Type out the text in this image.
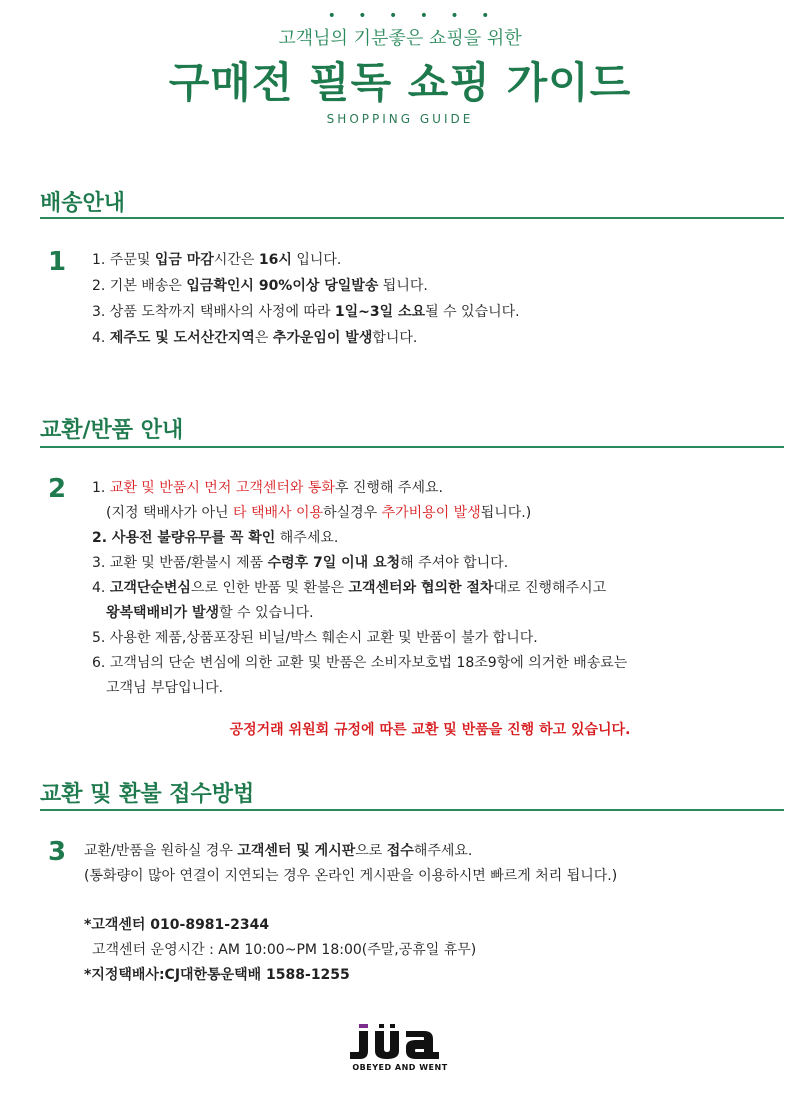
• • • • • •
고객님의 기분좋은 쇼핑을 위한
구매전 필독 쇼핑 가이드
SHOPPING GUIDE
배송안내
1 1. 주문및 입금 마감시간은 16시 입니다.
2. 기본 배송은 입금확인시 90%이상 당일발송 됩니다.
3. 상품 도착까지 택배사의 사정에 따라 1일~3일 소요될 수 있습니다.
4. 제주도 및 도서산간지역은 추가운임이 발생합니다.
교환/반품 안내
2 1. 교환 및 반품시 먼저 고객센터와 통화후 진행해 주세요.
(지정 택배사가 아닌 타 택배사 이용하실경우 추가비용이 발생됩니다.)
2. 사용전 불량유무를 꼭 확인 해주세요.
3. 교환 및 반품/환불시 제품 수령후 7일 이내 요청해 주셔야 합니다.
4. 고객단순변심으로 인한 반품 및 환불은 고객센터와 협의한 절차대로 진행해주시고
왕복택배비가 발생할 수 있습니다.
5. 사용한 제품,상품포장된 비닐/박스 훼손시 교환 및 반품이 불가 합니다.
6. 고객님의 단순 변심에 의한 교환 및 반품은 소비자보호법 18조9항에 의거한 배송료는
고객님 부담입니다.
공정거래 위원회 규정에 따른 교환 및 반품을 진행 하고 있습니다.
교환 및 환불 접수방법
3 교환/반품을 원하실 경우 고객센터 및 게시판으로 접수해주세요.
(통화량이 많아 연결이 지연되는 경우 온라인 게시판을 이용하시면 빠르게 처리 됩니다.)
*고객센터 010-8981-2344
고객센터 운영시간 : AM 10:00~PM 18:00(주말,공휴일 휴무)
*지정택배사:CJ대한통운택배 1588-1255
OBEYED AND WENT
